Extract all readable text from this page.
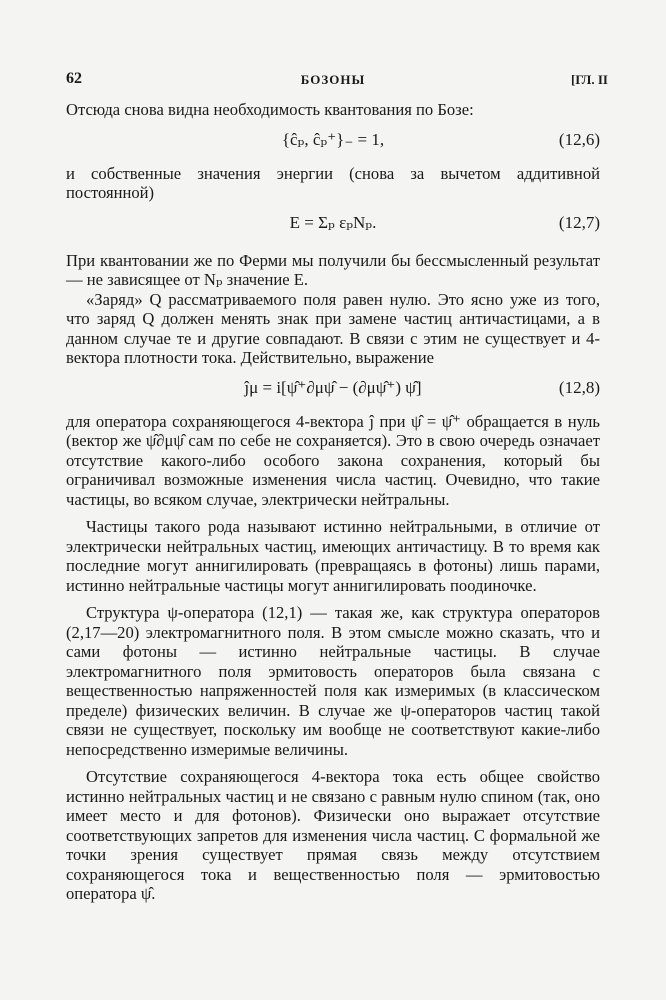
62	БОЗОНЫ	[ГЛ. II

Отсюда снова видна необходимость квантования по Бозе:

{ĉₚ, ĉₚ⁺}₋ = 1,	(12,6)

и собственные значения энергии (снова за вычетом аддитивной постоянной)

E = Σₚ εₚNₚ.	(12,7)

При квантовании же по Ферми мы получили бы бессмысленный результат — не зависящее от Nₚ значение E.

«Заряд» Q рассматриваемого поля равен нулю. Это ясно уже из того, что заряд Q должен менять знак при замене частиц античастицами, а в данном случае те и другие совпадают. В связи с этим не существует и 4-вектора плотности тока. Действительно, выражение

ĵμ = i[ψ̂⁺∂μψ̂ − (∂μψ̂⁺) ψ̂]	(12,8)

для оператора сохраняющегося 4-вектора ĵ при ψ̂ = ψ̂⁺ обращается в нуль (вектор же ψ̂∂μψ̂ сам по себе не сохраняется). Это в свою очередь означает отсутствие какого-либо особого закона сохранения, который бы ограничивал возможные изменения числа частиц. Очевидно, что такие частицы, во всяком случае, электрически нейтральны.

Частицы такого рода называют истинно нейтральными, в отличие от электрически нейтральных частиц, имеющих античастицу. В то время как последние могут аннигилировать (превращаясь в фотоны) лишь парами, истинно нейтральные частицы могут аннигилировать поодиночке.

Структура ψ-оператора (12,1) — такая же, как структура операторов (2,17—20) электромагнитного поля. В этом смысле можно сказать, что и сами фотоны — истинно нейтральные частицы. В случае электромагнитного поля эрмитовость операторов была связана с вещественностью напряженностей поля как измеримых (в классическом пределе) физических величин. В случае же ψ-операторов частиц такой связи не существует, поскольку им вообще не соответствуют какие-либо непосредственно измеримые величины.

Отсутствие сохраняющегося 4-вектора тока есть общее свойство истинно нейтральных частиц и не связано с равным нулю спином (так, оно имеет место и для фотонов). Физически оно выражает отсутствие соответствующих запретов для изменения числа частиц. С формальной же точки зрения существует прямая связь между отсутствием сохраняющегося тока и вещественностью поля — эрмитовостью оператора ψ̂.
